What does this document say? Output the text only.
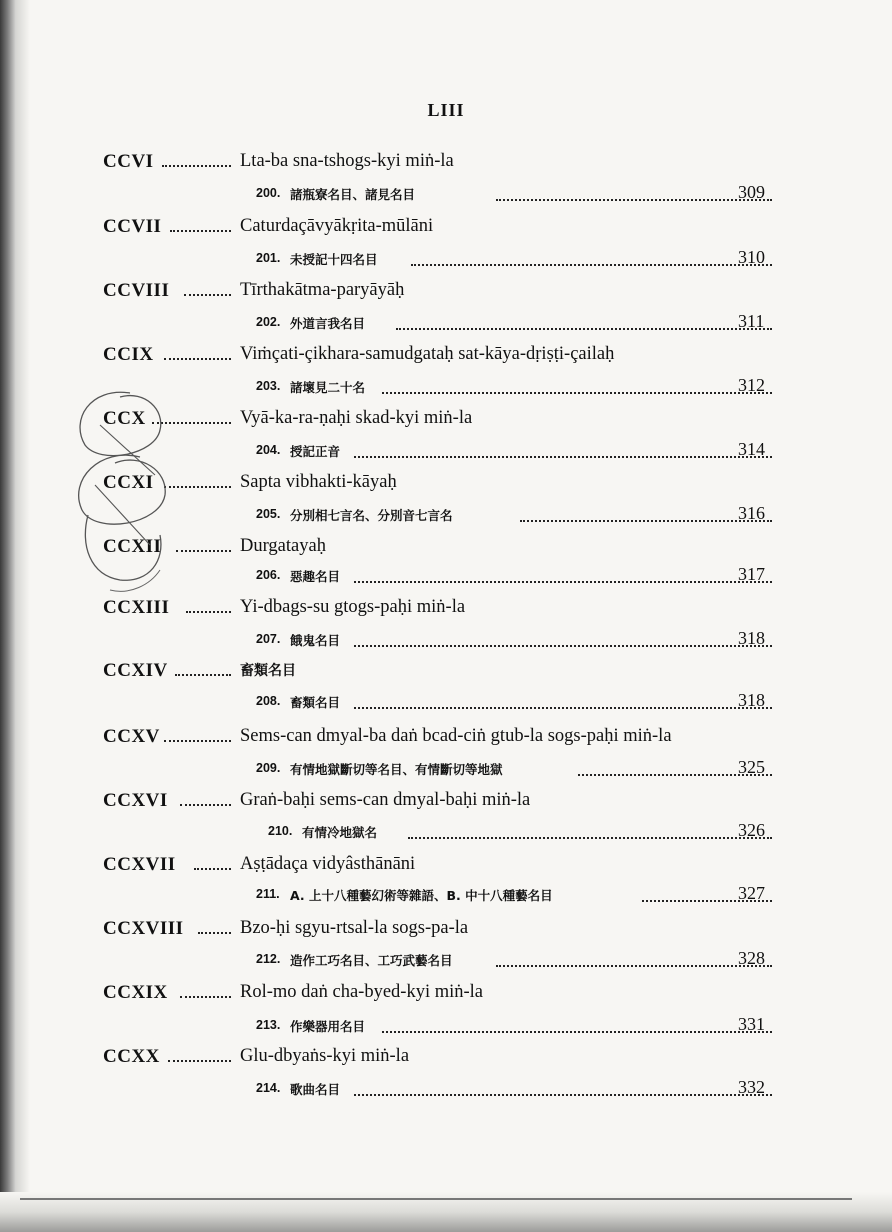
LIII
CCVI	Lta-ba sna-tshogs-kyi miṅ-la
200. 諸瓶寮名目、諸見名目	309
CCVII	Caturdaçāvyākṛita-mūlāni
201. 未授記十四名目	310
CCVIII	Tīrthakātma-paryāyāḥ
202. 外道言我名目	311
CCIX	Viṁçati-çikhara-samudgataḥ sat-kāya-dṛiṣṭi-çailaḥ
203. 諸壞見二十名	312
CCX	Vyā-ka-ra-ṇaḥi skad-kyi miṅ-la
204. 授記正音	314
CCXI	Sapta vibhakti-kāyaḥ
205. 分別相七言名、分別音七言名	316
CCXII	Durgatayaḥ
206. 惡趣名目	317
CCXIII	Yi-dbags-su gtogs-paḥi miṅ-la
207. 餓鬼名目	318
CCXIV	畜類名目
208. 畜類名目	318
CCXV	Sems-can dmyal-ba daṅ bcad-ciṅ gtub-la sogs-paḥi miṅ-la
209. 有情地獄斷切等名目、有情斷切等地獄	325
CCXVI	Graṅ-baḥi sems-can dmyal-baḥi miṅ-la
210. 有情冷地獄名	326
CCXVII	Aṣṭādaça vidyâsthānāni
211. A. 上十八種藝幻術等雜語、B. 中十八種藝名目	327
CCXVIII	Bzo-ḥi sgyu-rtsal-la sogs-pa-la
212. 造作工巧名目、工巧武藝名目	328
CCXIX	Rol-mo daṅ cha-byed-kyi miṅ-la
213. 作樂器用名目	331
CCXX	Glu-dbyaṅs-kyi miṅ-la
214. 歌曲名目	332
